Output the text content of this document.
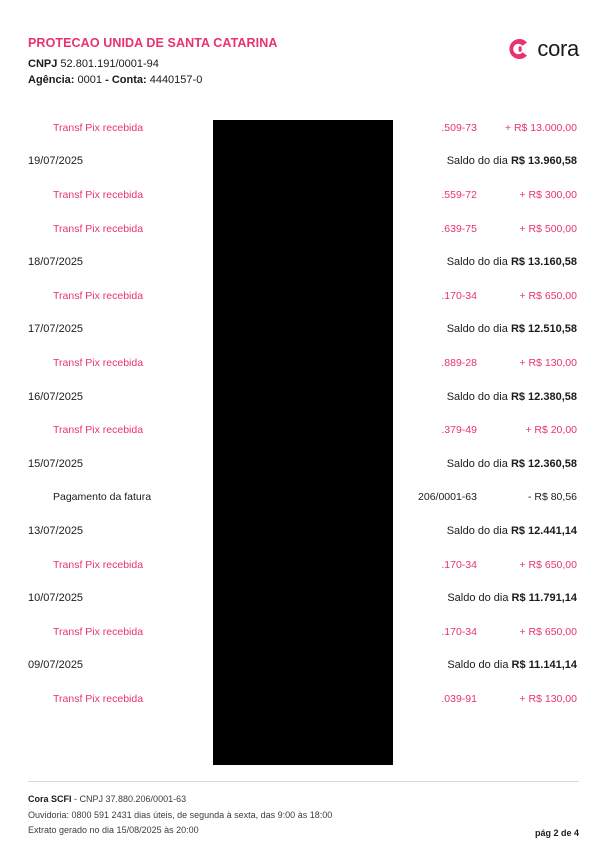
PROTECAO UNIDA DE SANTA CATARINA
CNPJ 52.801.191/0001-94
Agência: 0001 - Conta: 4440157-0
cora
Transf Pix recebida	.509-73	+ R$ 13.000,00
19/07/2025	Saldo do dia R$ 13.960,58
Transf Pix recebida	.559-72	+ R$ 300,00
Transf Pix recebida	.639-75	+ R$ 500,00
18/07/2025	Saldo do dia R$ 13.160,58
Transf Pix recebida	.170-34	+ R$ 650,00
17/07/2025	Saldo do dia R$ 12.510,58
Transf Pix recebida	.889-28	+ R$ 130,00
16/07/2025	Saldo do dia R$ 12.380,58
Transf Pix recebida	.379-49	+ R$ 20,00
15/07/2025	Saldo do dia R$ 12.360,58
Pagamento da fatura	206/0001-63	- R$ 80,56
13/07/2025	Saldo do dia R$ 12.441,14
Transf Pix recebida	.170-34	+ R$ 650,00
10/07/2025	Saldo do dia R$ 11.791,14
Transf Pix recebida	.170-34	+ R$ 650,00
09/07/2025	Saldo do dia R$ 11.141,14
Transf Pix recebida	.039-91	+ R$ 130,00
Cora SCFI - CNPJ 37.880.206/0001-63
Ouvidoria: 0800 591 2431 dias úteis, de segunda à sexta, das 9:00 às 18:00
Extrato gerado no dia 15/08/2025 às 20:00	pág 2 de 4
